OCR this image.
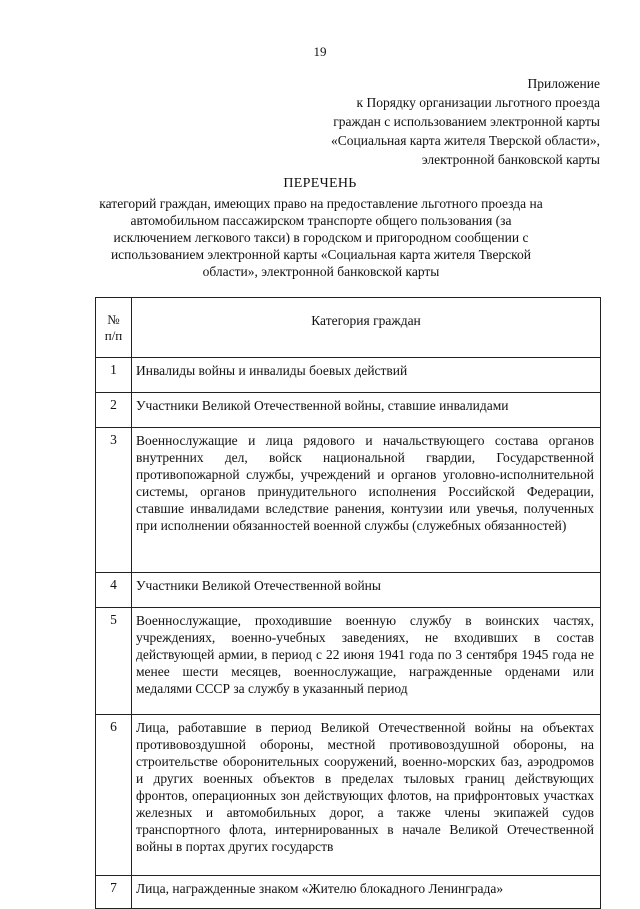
19
Приложение
к Порядку организации льготного проезда
граждан с использованием электронной карты
«Социальная карта жителя Тверской области»,
электронной банковской карты
ПЕРЕЧЕНЬ
категорий граждан, имеющих право на предоставление льготного проезда на автомобильном пассажирском транспорте общего пользования (за исключением легкового такси) в городском и пригородном сообщении с использованием электронной карты «Социальная карта жителя Тверской области», электронной банковской карты
№
п/п	Категория граждан
1	Инвалиды войны и инвалиды боевых действий
2	Участники Великой Отечественной войны, ставшие инвалидами
3	Военнослужащие и лица рядового и начальствующего состава органов внутренних дел, войск национальной гвардии, Государственной противопожарной службы, учреждений и органов уголовно-исполнительной системы, органов принудительного исполнения Российской Федерации, ставшие инвалидами вследствие ранения, контузии или увечья, полученных при исполнении обязанностей военной службы (служебных обязанностей)
4	Участники Великой Отечественной войны
5	Военнослужащие, проходившие военную службу в воинских частях, учреждениях, военно-учебных заведениях, не входивших в состав действующей армии, в период с 22 июня 1941 года по 3 сентября 1945 года не менее шести месяцев, военнослужащие, награжденные орденами или медалями СССР за службу в указанный период
6	Лица, работавшие в период Великой Отечественной войны на объектах противовоздушной обороны, местной противовоздушной обороны, на строительстве оборонительных сооружений, военно-морских баз, аэродромов и других военных объектов в пределах тыловых границ действующих фронтов, операционных зон действующих флотов, на прифронтовых участках железных и автомобильных дорог, а также члены экипажей судов транспортного флота, интернированных в начале Великой Отечественной войны в портах других государств
7	Лица, награжденные знаком «Жителю блокадного Ленинграда»
